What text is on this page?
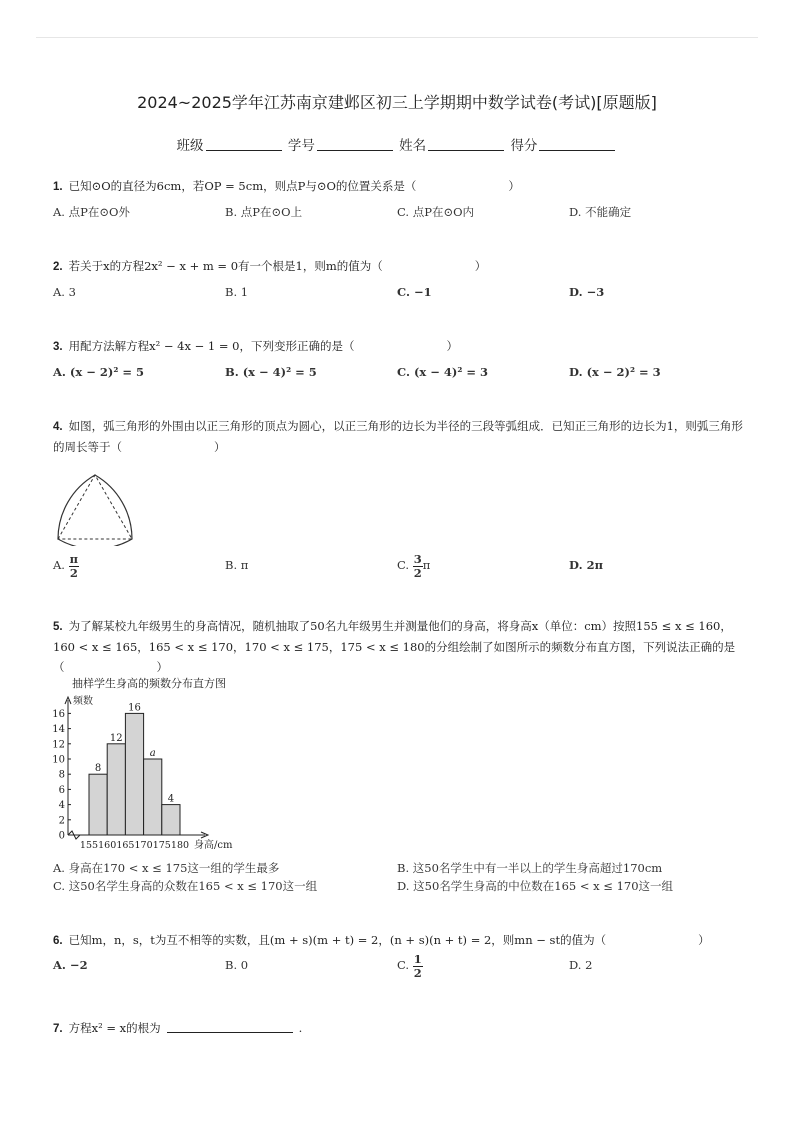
2024~2025学年江苏南京建邺区初三上学期期中数学试卷(考试)[原题版]
班级	学号	姓名	得分
1. 已知⊙O的直径为6cm，若OP = 5cm，则点P与⊙O的位置关系是（　　　　　　　　）
A. 点P在⊙O外	B. 点P在⊙O上	C. 点P在⊙O内	D. 不能确定
2. 若关于x的方程2x² − x + m = 0有一个根是1，则m的值为（　　　　　　　　）
A. 3	B. 1	C. −1	D. −3
3. 用配方法解方程x² − 4x − 1 = 0，下列变形正确的是（　　　　　　　　）
A. (x − 2)² = 5	B. (x − 4)² = 5	C. (x − 4)² = 3	D. (x − 2)² = 3
4. 如图，弧三角形的外围由以正三角形的顶点为圆心，以正三角形的边长为半径的三段等弧组成．已知正三角形的边长为1，则弧三角形的周长等于（　　　　　　　　）
A. $\frac{\pi}{2}$	B. π	C. $\frac{3}{2}$ π	D. 2π
5. 为了解某校九年级男生的身高情况，随机抽取了50名九年级男生并测量他们的身高，将身高x（单位：cm）按照155 ≤ x ≤ 160，160 < x ≤ 165，165 < x ≤ 170，170 < x ≤ 175，175 < x ≤ 180的分组绘制了如图所示的频数分布直方图，下列说法正确的是（　　　　　　　　）
抽样学生身高的频数分布直方图
频数
身高/cm
0
2
4
6
8
10
12
14
16
8
12
16
a
4
155 160 165 170 175 180
A. 身高在170 < x ≤ 175这一组的学生最多	B. 这50名学生中有一半以上的学生身高超过170cm
C. 这50名学生身高的众数在165 < x ≤ 170这一组	D. 这50名学生身高的中位数在165 < x ≤ 170这一组
6. 已知m，n，s，t为互不相等的实数，且(m + s)(m + t) = 2，(n + s)(n + t) = 2，则mn − st的值为（　　　　　　　　）
A. −2	B. 0	C. $\frac{1}{2}$	D. 2
7. 方程x² = x的根为	.
